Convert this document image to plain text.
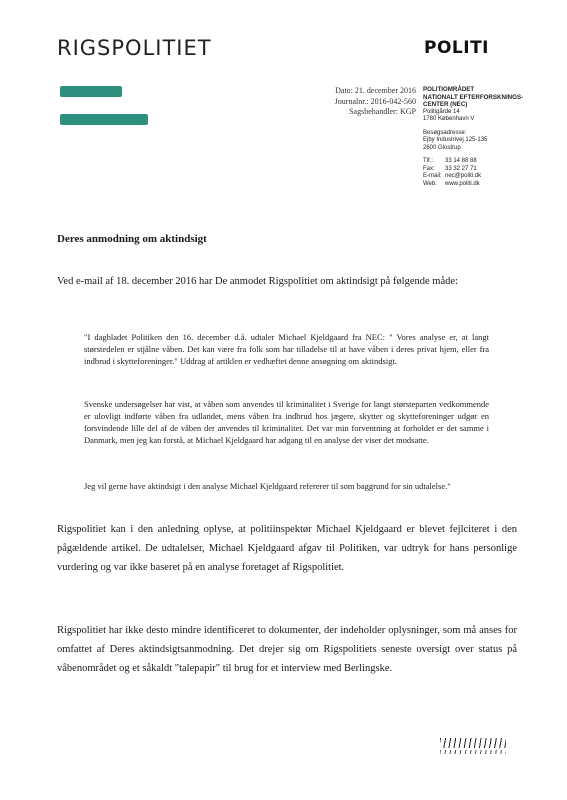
RIGSPOLITIET	POLITI
Dato: 21. december 2016
Journalnr.: 2016-042-560
Sagsbehandler: KGP
POLITIOMRÅDET
NATIONALT EFTERFORSKNINGS-
CENTER (NEC)
Politigårde 14
1780 København V
Besøgsadresse:
Ejby Industrivej 125-135
2600 Glostrup
Tlf.:	33 14 88 88
Fax:	33 32 27 71
E-mail: nec@politi.dk
Web:	www.politi.dk
Deres anmodning om aktindsigt
Ved e-mail af 18. december 2016 har De anmodet Rigspolitiet om aktindsigt på følgende måde:
"I dagbladet Politiken den 16. december d.å. udtaler Michael Kjeldgaard fra NEC: " Vores analyse er, at langt størstedelen er stjålne våben. Det kan være fra folk som har tilladelse til at have våben i deres privat hjem, eller fra indbrud i skytteforeninger." Uddrag af artiklen er vedhæftet denne ansøgning om aktindsigt.
Svenske undersøgelser har vist, at våben som anvendes til kriminalitet i Sverige for langt størsteparten vedkommende er ulovligt indførte våben fra udlandet, mens våben fra indbrud hos jægere, skytter og skytteforeninger udgør en forsvindende lille del af de våben der anvendes til kriminalitet. Det var min forventning at forholdet er det samme i Danmark, men jeg kan forstå, at Michael Kjeldgaard har adgang til en analyse der viser det modsatte.
Jeg vil gerne have aktindsigt i den analyse Michael Kjeldgaard refererer til som baggrund for sin udtalelse."
Rigspolitiet kan i den anledning oplyse, at politiinspektør Michael Kjeldgaard er blevet fejlciteret i den pågældende artikel. De udtalelser, Michael Kjeldgaard afgav til Politiken, var udtryk for hans personlige vurdering og var ikke baseret på en analyse foretaget af Rigspolitiet.
Rigspolitiet har ikke desto mindre identificeret to dokumenter, der indeholder oplysninger, som må anses for omfattet af Deres aktindsigtsanmodning. Det drejer sig om Rigspolitiets seneste oversigt over status på våbenområdet og et såkaldt "talepapir" til brug for et interview med Berlingske.
